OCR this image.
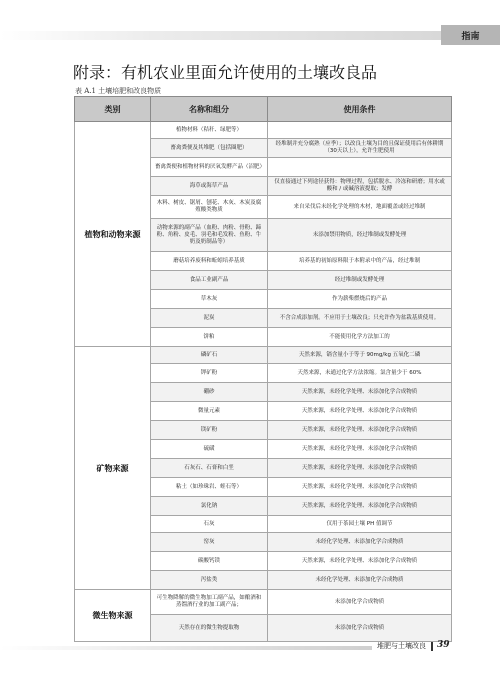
指南
附录：有机农业里面允许使用的土壤改良品
表 A.1 土壤培肥和改良物质
类别	名称和组分	使用条件
植物和动物来源	植物材料（秸秆、绿肥等）	
	畜禽粪便及其堆肥（包括圈肥）	经堆制并充分腐熟（应季）；以改良土壤为目的且保证使用后有体耕期（30天以上），允许生肥使用
	畜禽粪便和植物材料的厌氧发酵产品（沼肥）	
	海草或海草产品	仅直接通过下列途径获得：物理过程，包括脱水、冷冻和研磨；用水或酸和 / 或碱溶液提取；发酵
	木料、树皮、锯屑、刨花、木灰、木炭及腐殖酸类物质	来自采伐后未经化学处理的木材，地面覆盖或经过堆制
	动物来源的副产品（血粉、肉粉、骨粉、蹄粉、角粉、皮毛、羽毛和毛发粉、鱼粉、牛奶及奶制品等）	未添加禁用物质，经过堆制或发酵处理
	蘑菇培养废料和蚯蚓培养基质	培养基的初始原料限于本附录中的产品，经过堆制
	食品工业副产品	经过堆制或发酵处理
	草木灰	作为薪柴燃烧后的产品
	泥炭	不含合成添加剂。不应用于土壤改良；只允许作为盆栽基质使用。
	饼粕	不能使用化学方法加工的
矿物来源	磷矿石	天然来源，镉含量小于等于 90mg/kg 五氧化二磷
	钾矿粉	天然来源，未通过化学方法浓缩。氯含量少于 60%
	硼砂	天然来源，未经化学处理、未添加化学合成物质
	微量元素	天然来源，未经化学处理、未添加化学合成物质
	镁矿粉	天然来源，未经化学处理、未添加化学合成物质
	硫磺	天然来源，未经化学处理、未添加化学合成物质
	石灰石、石膏和白垩	天然来源，未经化学处理、未添加化学合成物质
	粘土（如珍珠岩、蛭石等）	天然来源，未经化学处理、未添加化学合成物质
	氯化钠	天然来源，未经化学处理、未添加化学合成物质
	石灰	仅用于茶园土壤 PH 值调节
	窑灰	未经化学处理、未添加化学合成物质
	碳酸钙镁	天然来源，未经化学处理、未添加化学合成物质
	泻盐类	未经化学处理、未添加化学合成物质
微生物来源	可生物降解的微生物加工副产品，如酿酒和蒸馏酒行业的加工副产品；	未添加化学合成物质
	天然存在的微生物提取物	未添加化学合成物质
堆肥与土壤改良 39
